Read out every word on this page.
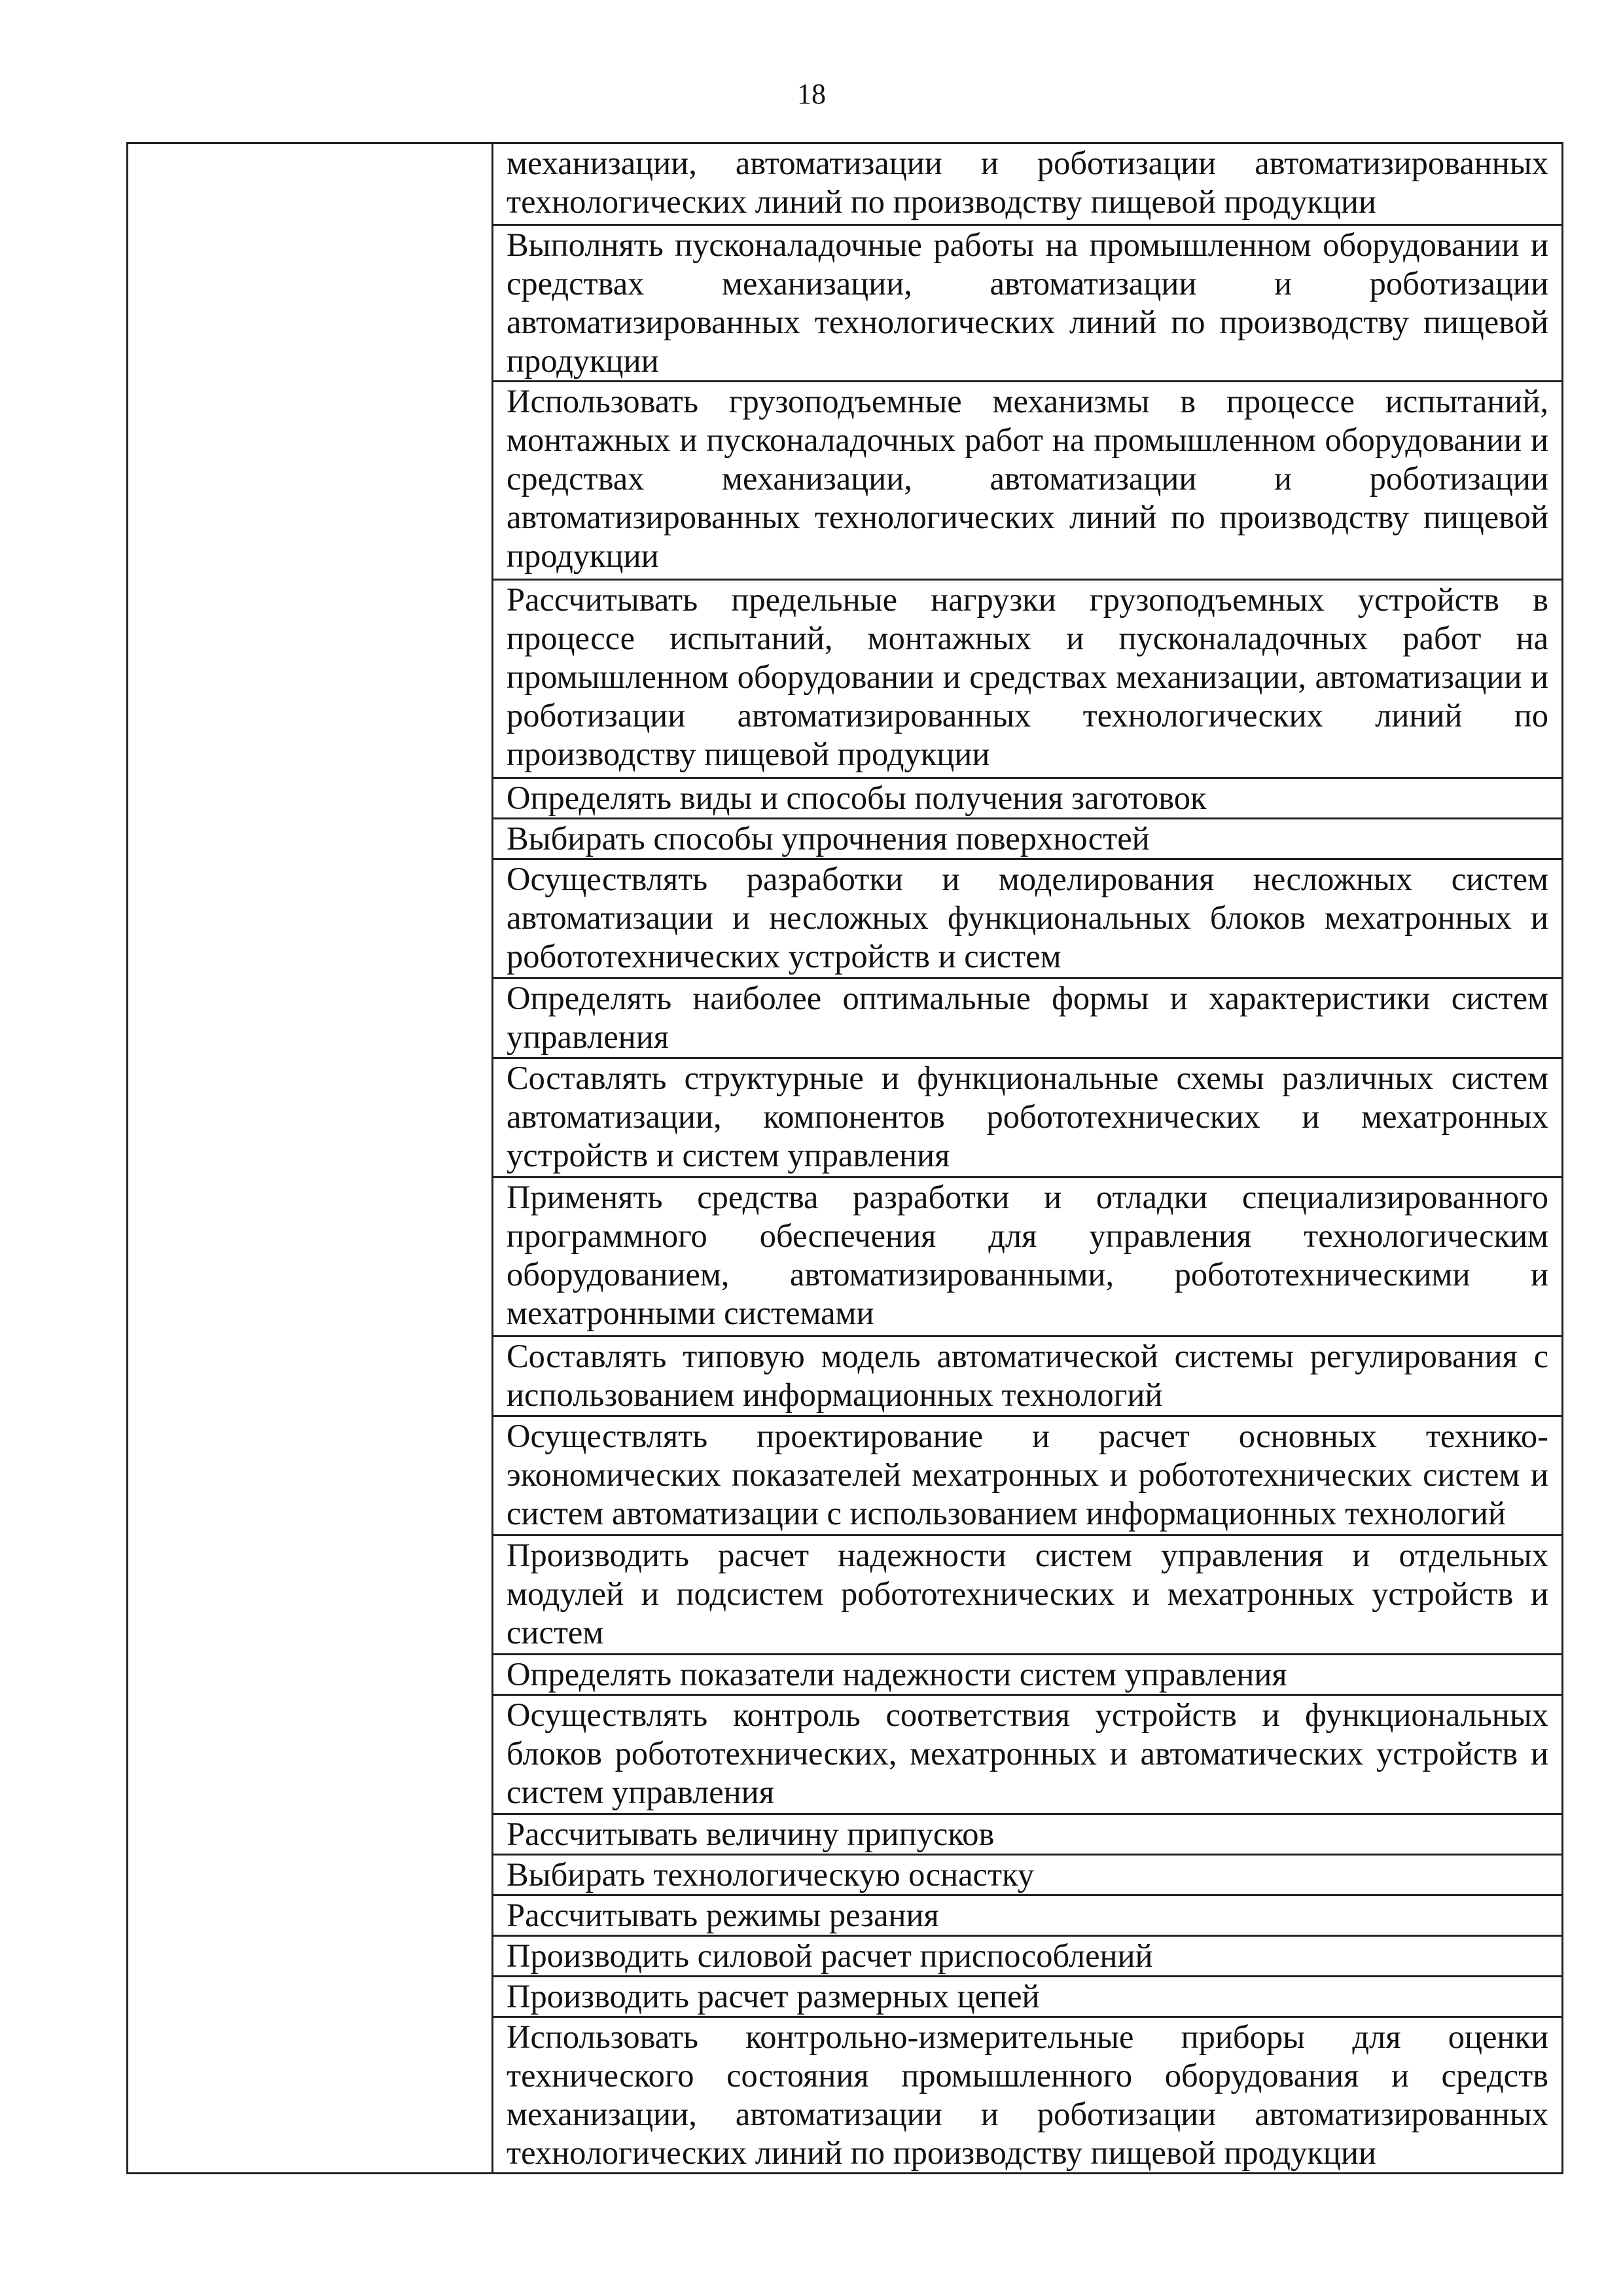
18
	механизации, автоматизации и роботизации автоматизированных технологических линий по производству пищевой продукции
Выполнять пусконаладочные работы на промышленном оборудовании и средствах механизации, автоматизации и роботизации автоматизированных технологических линий по производству пищевой продукции
Использовать грузоподъемные механизмы в процессе испытаний, монтажных и пусконаладочных работ на промышленном оборудовании и средствах механизации, автоматизации и роботизации автоматизированных технологических линий по производству пищевой продукции
Рассчитывать предельные нагрузки грузоподъемных устройств в процессе испытаний, монтажных и пусконаладочных работ на промышленном оборудовании и средствах механизации, автоматизации и роботизации автоматизированных технологических линий по производству пищевой продукции
Определять виды и способы получения заготовок
Выбирать способы упрочнения поверхностей
Осуществлять разработки и моделирования несложных систем автоматизации и несложных функциональных блоков мехатронных и робототехнических устройств и систем
Определять наиболее оптимальные формы и характеристики систем управления
Составлять структурные и функциональные схемы различных систем автоматизации, компонентов робототехнических и мехатронных устройств и систем управления
Применять средства разработки и отладки специализированного программного обеспечения для управления технологическим оборудованием, автоматизированными, робототехническими и мехатронными системами
Составлять типовую модель автоматической системы регулирования с использованием информационных технологий
Осуществлять проектирование и расчет основных технико-экономических показателей мехатронных и робототехнических систем и систем автоматизации с использованием информационных технологий
Производить расчет надежности систем управления и отдельных модулей и подсистем робототехнических и мехатронных устройств и систем
Определять показатели надежности систем управления
Осуществлять контроль соответствия устройств и функциональных блоков робототехнических, мехатронных и автоматических устройств и систем управления
Рассчитывать величину припусков
Выбирать технологическую оснастку
Рассчитывать режимы резания
Производить силовой расчет приспособлений
Производить расчет размерных цепей
Использовать контрольно-измерительные приборы для оценки технического состояния промышленного оборудования и средств механизации, автоматизации и роботизации автоматизированных технологических линий по производству пищевой продукции
